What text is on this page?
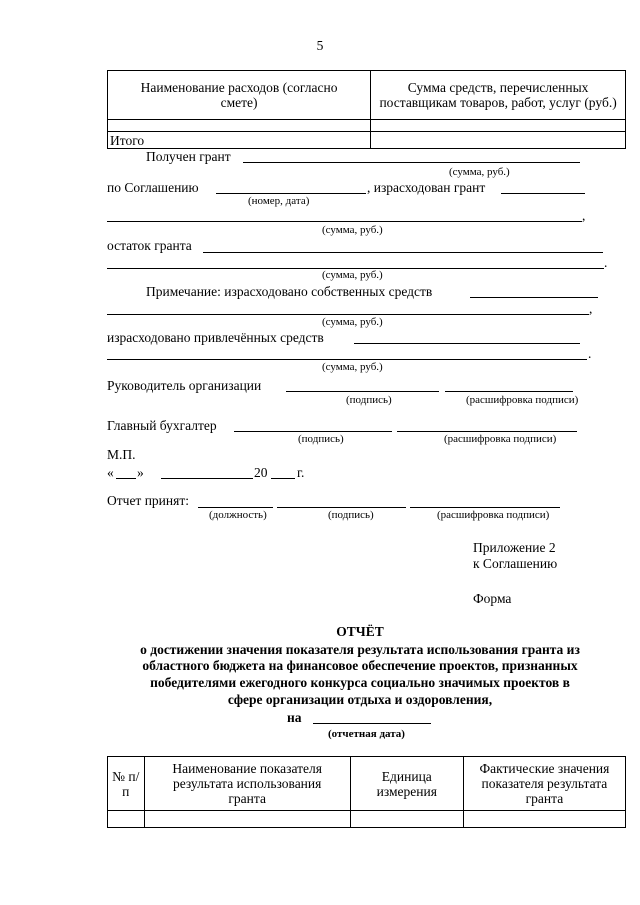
5
Наименование расходов (согласно смете)	Сумма средств, перечисленных поставщикам товаров, работ, услуг (руб.)

Итого	
Получен грант
(сумма, руб.)
по Соглашению	, израсходован грант
(номер, дата)
,
(сумма, руб.)
остаток гранта
.
(сумма, руб.)
Примечание: израсходовано собственных средств
,
(сумма, руб.)
израсходовано привлечённых средств
.
(сумма, руб.)
Руководитель организации
(подпись)	(расшифровка подписи)
Главный бухгалтер
(подпись)	(расшифровка подписи)
М.П.
« »	20 г.
Отчет принят:
(должность)	(подпись)	(расшифровка подписи)
Приложение 2
к Соглашению
Форма
ОТЧЁТ
о достижении значения показателя результата использования гранта из
областного бюджета на финансовое обеспечение проектов, признанных
победителями ежегодного конкурса социально значимых проектов в
сфере организации отдыха и оздоровления,
на
(отчетная дата)
№ п/п	Наименование показателя результата использования гранта	Единица измерения	Фактические значения показателя результата гранта
